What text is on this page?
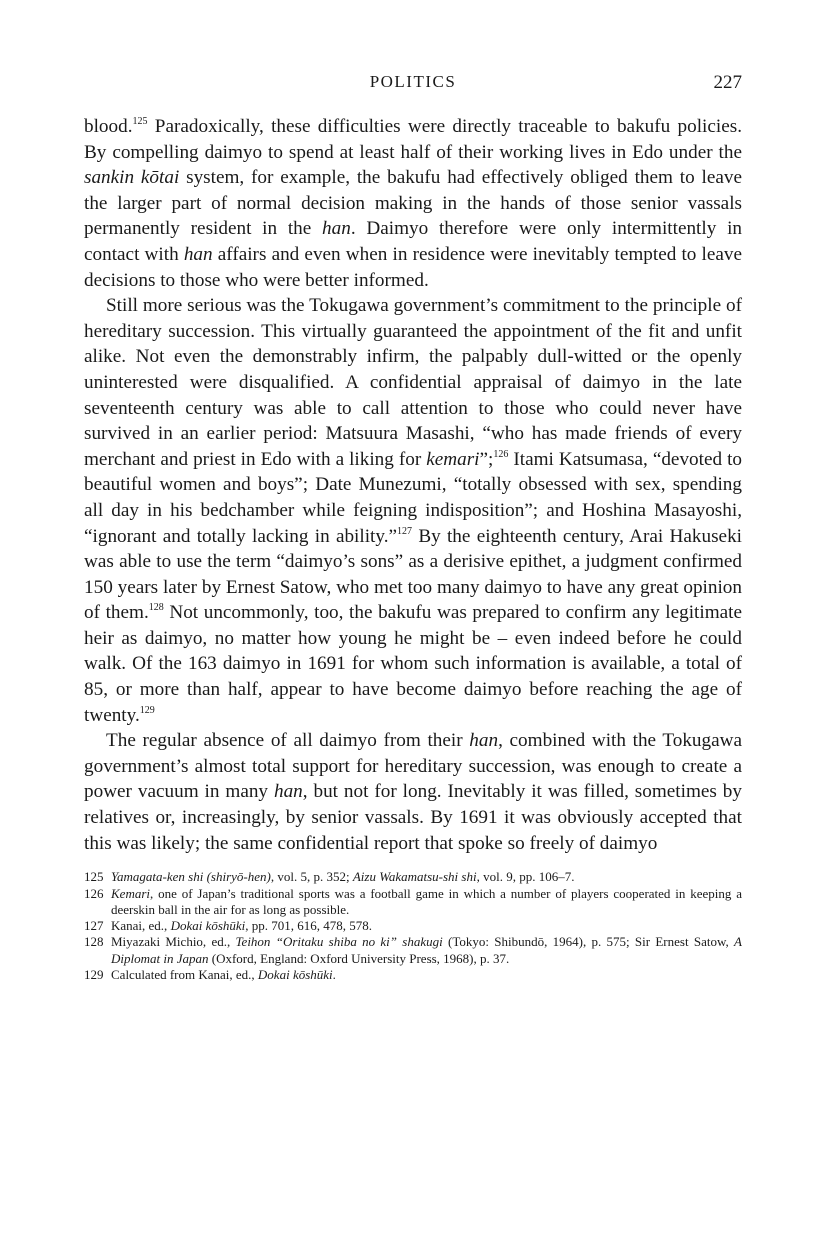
POLITICS	227

blood.$^{125}$ Paradoxically, these difficulties were directly traceable to bakufu policies. By compelling daimyo to spend at least half of their working lives in Edo under the sankin kōtai system, for example, the bakufu had effectively obliged them to leave the larger part of normal decision making in the hands of those senior vassals permanently resident in the han. Daimyo therefore were only intermittently in contact with han affairs and even when in residence were inevitably tempted to leave decisions to those who were better informed.

Still more serious was the Tokugawa government’s commitment to the principle of hereditary succession. This virtually guaranteed the appointment of the fit and unfit alike. Not even the demonstrably infirm, the palpably dull-witted or the openly uninterested were disqualified. A confidential appraisal of daimyo in the late seventeenth century was able to call attention to those who could never have survived in an earlier period: Matsuura Masashi, “who has made friends of every merchant and priest in Edo with a liking for kemari”;$^{126}$ Itami Katsumasa, “devoted to beautiful women and boys”; Date Munezumi, “totally obsessed with sex, spending all day in his bedchamber while feigning indisposition”; and Hoshina Masayoshi, “ignorant and totally lacking in ability.”$^{127}$ By the eighteenth century, Arai Hakuseki was able to use the term “daimyo’s sons” as a derisive epithet, a judgment confirmed 150 years later by Ernest Satow, who met too many daimyo to have any great opinion of them.$^{128}$ Not uncommonly, too, the bakufu was prepared to confirm any legitimate heir as daimyo, no matter how young he might be – even indeed before he could walk. Of the 163 daimyo in 1691 for whom such information is available, a total of 85, or more than half, appear to have become daimyo before reaching the age of twenty.$^{129}$

The regular absence of all daimyo from their han, combined with the Tokugawa government’s almost total support for hereditary succession, was enough to create a power vacuum in many han, but not for long. Inevitably it was filled, sometimes by relatives or, increasingly, by senior vassals. By 1691 it was obviously accepted that this was likely; the same confidential report that spoke so freely of daimyo

125 Yamagata-ken shi (shiryō-hen), vol. 5, p. 352; Aizu Wakamatsu-shi shi, vol. 9, pp. 106–7.
126 Kemari, one of Japan’s traditional sports was a football game in which a number of players cooperated in keeping a deerskin ball in the air for as long as possible.
127 Kanai, ed., Dokai kōshūki, pp. 701, 616, 478, 578.
128 Miyazaki Michio, ed., Teihon “Oritaku shiba no ki” shakugi (Tokyo: Shibundō, 1964), p. 575; Sir Ernest Satow, A Diplomat in Japan (Oxford, England: Oxford University Press, 1968), p. 37.
129 Calculated from Kanai, ed., Dokai kōshūki.
